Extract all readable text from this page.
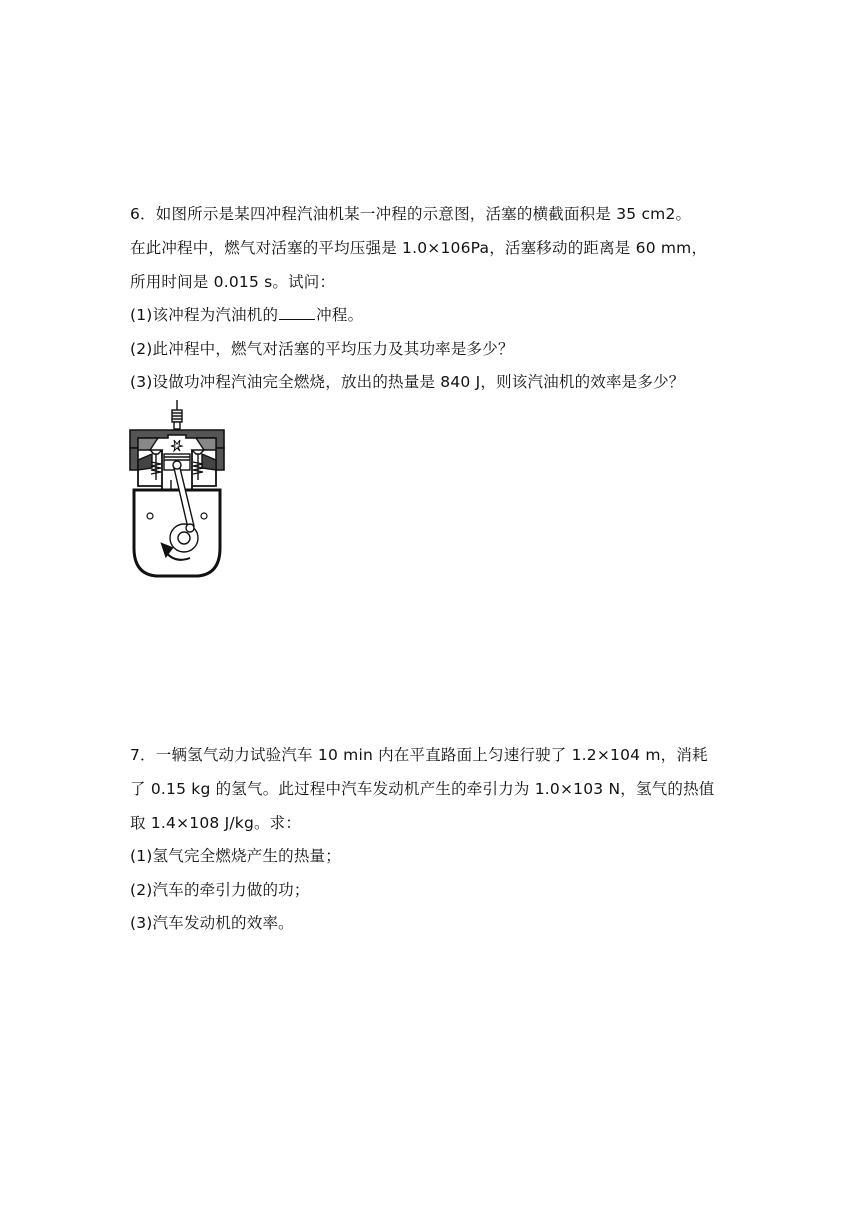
6．如图所示是某四冲程汽油机某一冲程的示意图，活塞的横截面积是 35 cm2。
在此冲程中，燃气对活塞的平均压强是 1.0×106Pa，活塞移动的距离是 60 mm，
所用时间是 0.015 s。试问：
(1)该冲程为汽油机的 冲程。
(2)此冲程中，燃气对活塞的平均压力及其功率是多少？
(3)设做功冲程汽油完全燃烧，放出的热量是 840 J，则该汽油机的效率是多少？
7．一辆氢气动力试验汽车 10 min 内在平直路面上匀速行驶了 1.2×104 m，消耗
了 0.15 kg 的氢气。此过程中汽车发动机产生的牵引力为 1.0×103 N，氢气的热值
取 1.4×108 J/kg。求：
(1)氢气完全燃烧产生的热量；
(2)汽车的牵引力做的功；
(3)汽车发动机的效率。
